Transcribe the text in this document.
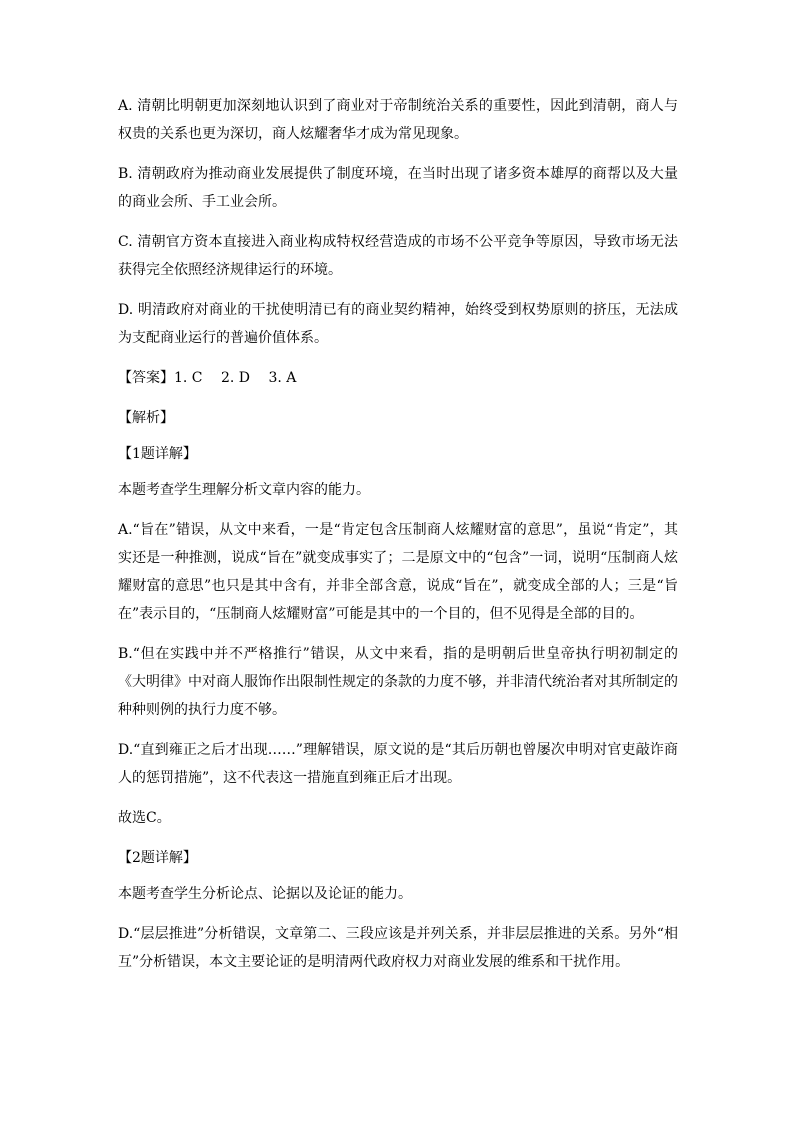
A. 清朝比明朝更加深刻地认识到了商业对于帝制统治关系的重要性，因此到清朝，商人与权贵的关系也更为深切，商人炫耀奢华才成为常见现象。

B. 清朝政府为推动商业发展提供了制度环境，在当时出现了诸多资本雄厚的商帮以及大量的商业会所、手工业会所。

C. 清朝官方资本直接进入商业构成特权经营造成的市场不公平竞争等原因，导致市场无法获得完全依照经济规律运行的环境。

D. 明清政府对商业的干扰使明清已有的商业契约精神，始终受到权势原则的挤压，无法成为支配商业运行的普遍价值体系。

【答案】1. C　 2. D　 3. A

【解析】

【1题详解】

本题考查学生理解分析文章内容的能力。

A.“旨在”错误，从文中来看，一是“肯定包含压制商人炫耀财富的意思”，虽说“肯定”，其实还是一种推测，说成“旨在”就变成事实了；二是原文中的“包含”一词，说明“压制商人炫耀财富的意思”也只是其中含有，并非全部含意，说成“旨在”，就变成全部的人；三是“旨在”表示目的，“压制商人炫耀财富”可能是其中的一个目的，但不见得是全部的目的。

B.“但在实践中并不严格推行”错误，从文中来看，指的是明朝后世皇帝执行明初制定的《大明律》中对商人服饰作出限制性规定的条款的力度不够，并非清代统治者对其所制定的种种则例的执行力度不够。

D.“直到雍正之后才出现……”理解错误，原文说的是“其后历朝也曾屡次申明对官吏敲诈商人的惩罚措施”，这不代表这一措施直到雍正后才出现。

故选C。

【2题详解】

本题考查学生分析论点、论据以及论证的能力。

D.“层层推进”分析错误，文章第二、三段应该是并列关系，并非层层推进的关系。另外“相互”分析错误，本文主要论证的是明清两代政府权力对商业发展的维系和干扰作用。
